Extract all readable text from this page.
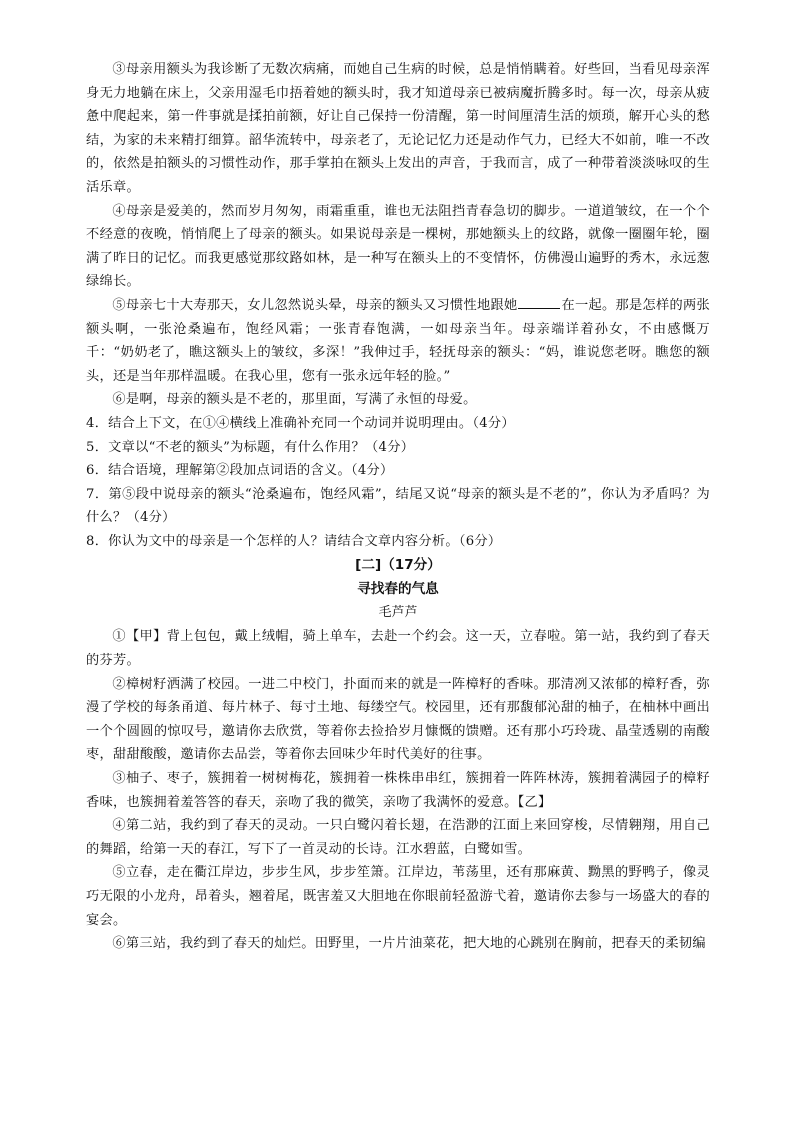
③母亲用额头为我诊断了无数次病痛，而她自己生病的时候，总是悄悄瞒着。好些回，当看见母亲浑身无力地躺在床上，父亲用湿毛巾捂着她的额头时，我才知道母亲已被病魔折腾多时。每一次，母亲从疲惫中爬起来，第一件事就是揉拍前额，好让自己保持一份清醒，第一时间厘清生活的烦琐，解开心头的愁结，为家的未来精打细算。韶华流转中，母亲老了，无论记忆力还是动作气力，已经大不如前，唯一不改的，依然是拍额头的习惯性动作，那手掌拍在额头上发出的声音，于我而言，成了一种带着淡淡咏叹的生活乐章。

④母亲是爱美的，然而岁月匆匆，雨霜重重，谁也无法阻挡青春急切的脚步。一道道皱纹，在一个个不经意的夜晚，悄悄爬上了母亲的额头。如果说母亲是一棵树，那她额头上的纹路，就像一圈圈年轮，圈满了昨日的记忆。而我更感觉那纹路如林，是一种写在额头上的不变情怀，仿佛漫山遍野的秀木，永远葱绿绵长。

⑤母亲七十大寿那天，女儿忽然说头晕，母亲的额头又习惯性地跟她	在一起。那是怎样的两张额头啊，一张沧桑遍布，饱经风霜；一张青春饱满，一如母亲当年。母亲端详着孙女，不由感慨万千：“奶奶老了，瞧这额头上的皱纹，多深！”我伸过手，轻抚母亲的额头：“妈，谁说您老呀。瞧您的额头，还是当年那样温暖。在我心里，您有一张永远年轻的脸。”

⑥是啊，母亲的额头是不老的，那里面，写满了永恒的母爱。

4．结合上下文，在①④横线上准确补充同一个动词并说明理由。（4分）

5．文章以“不老的额头”为标题，有什么作用？（4分）

6．结合语境，理解第②段加点词语的含义。（4分）

7．第⑤段中说母亲的额头“沧桑遍布，饱经风霜”，结尾又说“母亲的额头是不老的”，你认为矛盾吗？为什么？（4分）

8．你认为文中的母亲是一个怎样的人？请结合文章内容分析。（6分）

[二]（17分）

寻找春的气息

毛芦芦

①【甲】背上包包，戴上绒帽，骑上单车，去赴一个约会。这一天，立春啦。第一站，我约到了春天的芬芳。

②樟树籽洒满了校园。一进二中校门，扑面而来的就是一阵樟籽的香味。那清冽又浓郁的樟籽香，弥漫了学校的每条甬道、每片林子、每寸土地、每缕空气。校园里，还有那馥郁沁甜的柚子，在柚林中画出一个个圆圆的惊叹号，邀请你去欣赏，等着你去捡拾岁月慷慨的馈赠。还有那小巧玲珑、晶莹透剔的南酸枣，甜甜酸酸，邀请你去品尝，等着你去回味少年时代美好的往事。

③柚子、枣子，簇拥着一树树梅花，簇拥着一株株串串红，簇拥着一阵阵林涛，簇拥着满园子的樟籽香味，也簇拥着羞答答的春天，亲吻了我的微笑，亲吻了我满怀的爱意。【乙】

④第二站，我约到了春天的灵动。一只白鹭闪着长翅，在浩渺的江面上来回穿梭，尽情翱翔，用自己的舞蹈，给第一天的春江，写下了一首灵动的长诗。江水碧蓝，白鹭如雪。

⑤立春，走在衢江岸边，步步生风，步步笙箫。江岸边，苇荡里，还有那麻黄、黝黑的野鸭子，像灵巧无限的小龙舟，昂着头，翘着尾，既害羞又大胆地在你眼前轻盈游弋着，邀请你去参与一场盛大的春的宴会。

⑥第三站，我约到了春天的灿烂。田野里，一片片油菜花，把大地的心跳别在胸前，把春天的柔韧编
